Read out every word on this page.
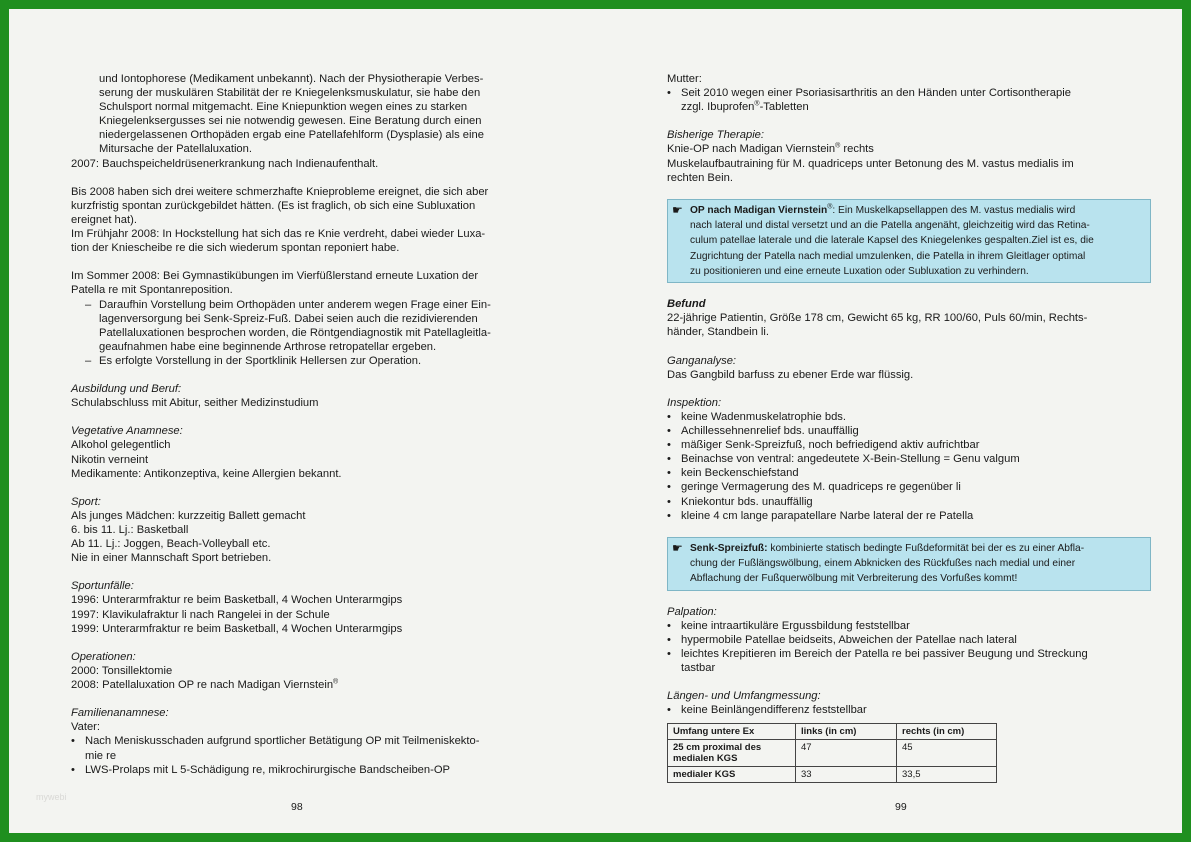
mywebi
und Iontophorese (Medikament unbekannt). Nach der Physiotherapie Verbes-
serung der muskulären Stabilität der re Kniegelenksmuskulatur, sie habe den
Schulsport normal mitgemacht. Eine Kniepunktion wegen eines zu starken
Kniegelenksergusses sei nie notwendig gewesen. Eine Beratung durch einen
niedergelassenen Orthopäden ergab eine Patellafehlform (Dysplasie) als eine
Mitursache der Patellaluxation.
2007: Bauchspeicheldrüsenerkrankung nach Indienaufenthalt.
Bis 2008 haben sich drei weitere schmerzhafte Knieprobleme ereignet, die sich aber
kurzfristig spontan zurückgebildet hätten. (Es ist fraglich, ob sich eine Subluxation
ereignet hat).
Im Frühjahr 2008: In Hockstellung hat sich das re Knie verdreht, dabei wieder Luxa-
tion der Kniescheibe re die sich wiederum spontan reponiert habe.
Im Sommer 2008: Bei Gymnastikübungen im Vierfüßlerstand erneute Luxation der
Patella re mit Spontanreposition.
– Daraufhin Vorstellung beim Orthopäden unter anderem wegen Frage einer Ein-
lagenversorgung bei Senk-Spreiz-Fuß. Dabei seien auch die rezidivierenden
Patellaluxationen besprochen worden, die Röntgendiagnostik mit Patellagleitla-
geaufnahmen habe eine beginnende Arthrose retropatellar ergeben.
– Es erfolgte Vorstellung in der Sportklinik Hellersen zur Operation.
Ausbildung und Beruf:
Schulabschluss mit Abitur, seither Medizinstudium
Vegetative Anamnese:
Alkohol gelegentlich
Nikotin verneint
Medikamente: Antikonzeptiva, keine Allergien bekannt.
Sport:
Als junges Mädchen: kurzzeitig Ballett gemacht
6. bis 11. Lj.: Basketball
Ab 11. Lj.: Joggen, Beach-Volleyball etc.
Nie in einer Mannschaft Sport betrieben.
Sportunfälle:
1996: Unterarmfraktur re beim Basketball, 4 Wochen Unterarmgips
1997: Klavikulafraktur li nach Rangelei in der Schule
1999: Unterarmfraktur re beim Basketball, 4 Wochen Unterarmgips
Operationen:
2000: Tonsillektomie
2008: Patellaluxation OP re nach Madigan Viernstein®
Familienanamnese:
Vater:
• Nach Meniskusschaden aufgrund sportlicher Betätigung OP mit Teilmeniskekto-
mie re
• LWS-Prolaps mit L 5-Schädigung re, mikrochirurgische Bandscheiben-OP
98
Mutter:
• Seit 2010 wegen einer Psoriasisarthritis an den Händen unter Cortisontherapie
zzgl. Ibuprofen®-Tabletten
Bisherige Therapie:
Knie-OP nach Madigan Viernstein® rechts
Muskelaufbautraining für M. quadriceps unter Betonung des M. vastus medialis im
rechten Bein.
☛ OP nach Madigan Viernstein®: Ein Muskelkapsellappen des M. vastus medialis wird
nach lateral und distal versetzt und an die Patella angenäht, gleichzeitig wird das Retina-
culum patellae laterale und die laterale Kapsel des Kniegelenkes gespalten.Ziel ist es, die
Zugrichtung der Patella nach medial umzulenken, die Patella in ihrem Gleitlager optimal
zu positionieren und eine erneute Luxation oder Subluxation zu verhindern.
Befund
22-jährige Patientin, Größe 178 cm, Gewicht 65 kg, RR 100/60, Puls 60/min, Rechts-
händer, Standbein li.
Ganganalyse:
Das Gangbild barfuss zu ebener Erde war flüssig.
Inspektion:
• keine Wadenmuskelatrophie bds.
• Achillessehnenrelief bds. unauffällig
• mäßiger Senk-Spreizfuß, noch befriedigend aktiv aufrichtbar
• Beinachse von ventral: angedeutete X-Bein-Stellung = Genu valgum
• kein Beckenschiefstand
• geringe Vermagerung des M. quadriceps re gegenüber li
• Kniekontur bds. unauffällig
• kleine 4 cm lange parapatellare Narbe lateral der re Patella
☛ Senk-Spreizfuß: kombinierte statisch bedingte Fußdeformität bei der es zu einer Abfla-
chung der Fußlängswölbung, einem Abknicken des Rückfußes nach medial und einer
Abflachung der Fußquerwölbung mit Verbreiterung des Vorfußes kommt!
Palpation:
• keine intraartikuläre Ergussbildung feststellbar
• hypermobile Patellae beidseits, Abweichen der Patellae nach lateral
• leichtes Krepitieren im Bereich der Patella re bei passiver Beugung und Streckung
tastbar
Längen- und Umfangmessung:
• keine Beinlängendifferenz feststellbar
Umfang untere Ex	links (in cm)	rechts (in cm)

25 cm proximal des
medialen KGS	47	45

medialer KGS	33	33,5
99
